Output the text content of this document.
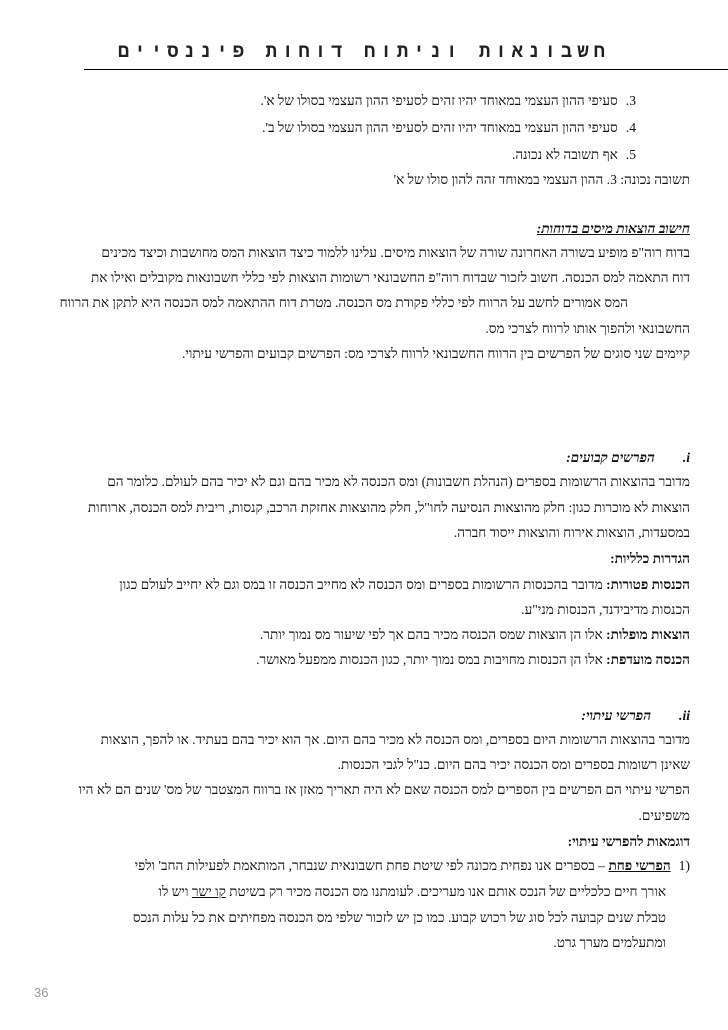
חשבונאות וניתוח דוחות פיננסיים
3.סעיפי ההון העצמי במאוחד יהיו זהים לסעיפי ההון העצמי בסולו של א'.
4.סעיפי ההון העצמי במאוחד יהיו זהים לסעיפי ההון העצמי בסולו של ב'.
5.אף תשובה לא נכונה.
תשובה נכונה: 3. ההון העצמי במאוחד זהה להון סולו של א'
חישוב הוצאות מיסים בדוחות:
בדוח רוה"פ מופיע בשורה האחרונה שורה של הוצאות מיסים. עלינו ללמוד כיצד הוצאות המס מחושבות וכיצד מכינים
דוח התאמה למס הכנסה. חשוב לזכור שבדוח רוה"פ החשבונאי רשומות הוצאות לפי כללי חשבונאות מקובלים ואילו את
המס אמורים לחשב על הרווח לפי כללי פקודת מס הכנסה. מטרת דוח ההתאמה למס הכנסה היא לתקן את הרווח
החשבונאי ולהפוך אותו לרווח לצרכי מס.
קיימים שני סוגים של הפרשים בין הרווח החשבונאי לרווח לצרכי מס: הפרשים קבועים והפרשי עיתוי.
i.הפרשים קבועים:
מדובר בהוצאות הרשומות בספרים (הנהלת חשבונות) ומס הכנסה לא מכיר בהם וגם לא יכיר בהם לעולם. כלומר הם
הוצאות לא מוכרות כגון: חלק מהוצאות הנסיעה לחו"ל, חלק מהוצאות אחזקת הרכב, קנסות, ריבית למס הכנסה, ארוחות
במסעדות, הוצאות אירוח והוצאות ייסוד חברה.
הגדרות כלליות:
הכנסות פטורות: מדובר בהכנסות הרשומות בספרים ומס הכנסה לא מחייב הכנסה זו במס וגם לא יחייב לעולם כגון
הכנסות מדיבידנד, הכנסות מני"ע.
הוצאות מופלות: אלו הן הוצאות שמס הכנסה מכיר בהם אך לפי שיעור מס נמוך יותר.
הכנסה מועדפת: אלו הן הכנסות מחויבות במס נמוך יותר, כגון הכנסות ממפעל מאושר.
ii.הפרשי עיתוי:
מדובר בהוצאות הרשומות היום בספרים, ומס הכנסה לא מכיר בהם היום. אך הוא יכיר בהם בעתיד. או להפך, הוצאות
שאינן רשומות בספרים ומס הכנסה יכיר בהם היום. כנ"ל לגבי הכנסות.
הפרשי עיתוי הם הפרשים בין הספרים למס הכנסה שאם לא היה תאריך מאזן אז ברווח המצטבר של מס' שנים הם לא היו
משפיעים.
דוגמאות להפרשי עיתוי:
(1הפרשי פחת – בספרים אנו נפחית מכונה לפי שיטת פחת חשבונאית שנבחר, המותאמת לפעילות החב' ולפי
אורך חיים כלכליים של הנכס אותם אנו מעריכים. לעומתנו מס הכנסה מכיר רק בשיטת קו ישר ויש לו
טבלת שנים קבועה לכל סוג של רכוש קבוע. כמו כן יש לזכור שלפי מס הכנסה מפחיתים את כל עלות הנכס
ומתעלמים מערך גרט.
36
